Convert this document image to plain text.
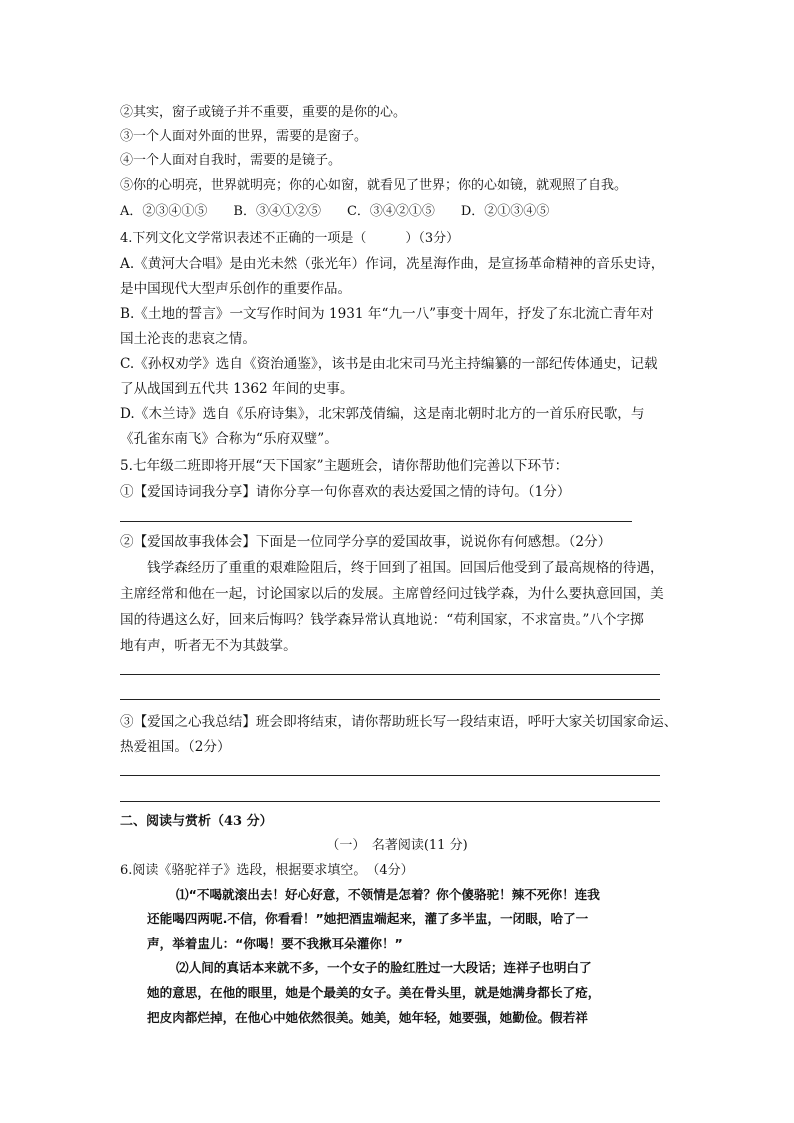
②其实，窗子或镜子并不重要，重要的是你的心。
③一个人面对外面的世界，需要的是窗子。
④一个人面对自我时，需要的是镜子。
⑤你的心明亮，世界就明亮；你的心如窗，就看见了世界；你的心如镜，就观照了自我。
A．②③④①⑤　　B．③④①②⑤　　C．③④②①⑤　　D．②①③④⑤
4.下列文化文学常识表述不正确的一项是（　　　）（3分）
A.《黄河大合唱》是由光未然（张光年）作词，冼星海作曲，是宣扬革命精神的音乐史诗，
是中国现代大型声乐创作的重要作品。
B.《土地的誓言》一文写作时间为 1931 年“九一八”事变十周年，抒发了东北流亡青年对
国土沦丧的悲哀之情。
C.《孙权劝学》选自《资治通鉴》，该书是由北宋司马光主持编纂的一部纪传体通史，记载
了从战国到五代共 1362 年间的史事。
D.《木兰诗》选自《乐府诗集》，北宋郭茂倩编，这是南北朝时北方的一首乐府民歌，与
《孔雀东南飞》合称为“乐府双璧”。
5.七年级二班即将开展“天下国家”主题班会，请你帮助他们完善以下环节：
①【爱国诗词我分享】请你分享一句你喜欢的表达爱国之情的诗句。（1分）
②【爱国故事我体会】下面是一位同学分享的爱国故事，说说你有何感想。（2分）
钱学森经历了重重的艰难险阻后，终于回到了祖国。回国后他受到了最高规格的待遇，
主席经常和他在一起，讨论国家以后的发展。主席曾经问过钱学森，为什么要执意回国，美
国的待遇这么好，回来后悔吗？钱学森异常认真地说：“苟利国家，不求富贵。”八个字掷
地有声，听者无不为其鼓掌。
③【爱国之心我总结】班会即将结束，请你帮助班长写一段结束语，呼吁大家关切国家命运、
热爱祖国。（2分）
二、阅读与赏析（43 分）
（一）　名著阅读(11 分)
6.阅读《骆驼祥子》选段，根据要求填空。　（4分）
⑴“不喝就滚出去！好心好意，不领情是怎着？你个傻骆驼！辣不死你！连我
还能喝四两呢.不信，你看看！”她把酒盅端起来，灌了多半盅，一闭眼，哈了一
声，举着盅儿：“你喝！要不我揪耳朵灌你！”
⑵人间的真话本来就不多，一个女子的脸红胜过一大段话；连祥子也明白了
她的意思，在他的眼里，她是个最美的女子。美在骨头里，就是她满身都长了疮，
把皮肉都烂掉，在他心中她依然很美。她美，她年轻，她要强，她勤俭。假若祥
